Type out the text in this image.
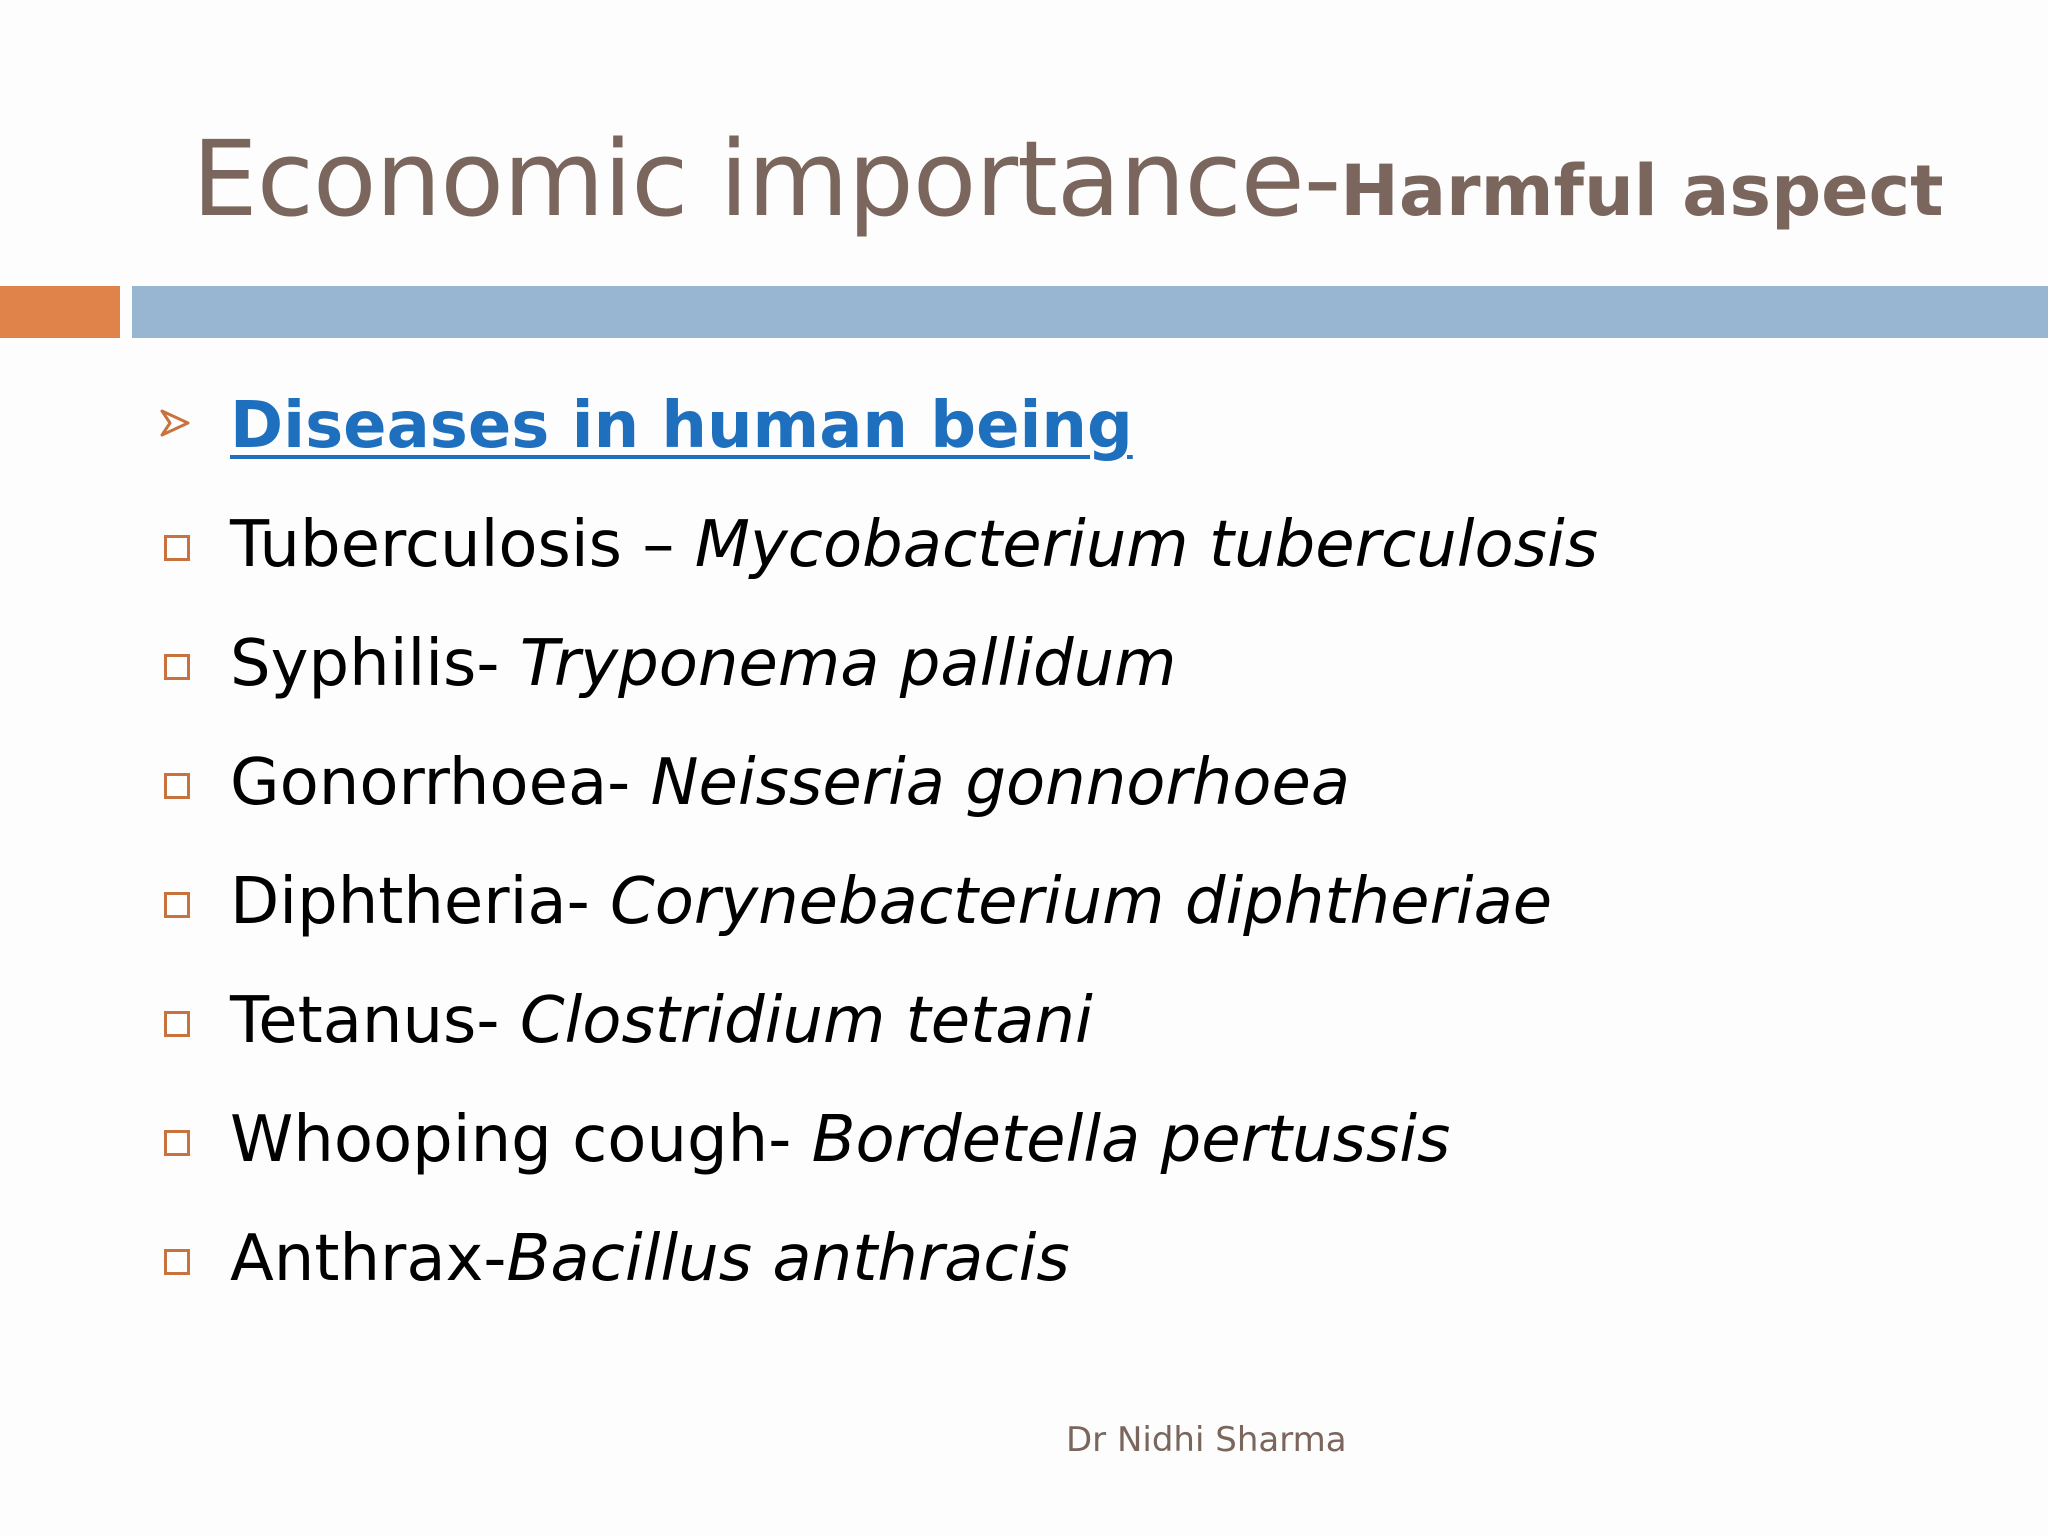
Economic importance-Harmful aspect
Diseases in human being
Tuberculosis – Mycobacterium tuberculosis
Syphilis- Tryponema pallidum
Gonorrhoea- Neisseria gonnorhoea
Diphtheria- Corynebacterium diphtheriae
Tetanus- Clostridium tetani
Whooping cough- Bordetella pertussis
Anthrax-Bacillus anthracis
Dr Nidhi Sharma
